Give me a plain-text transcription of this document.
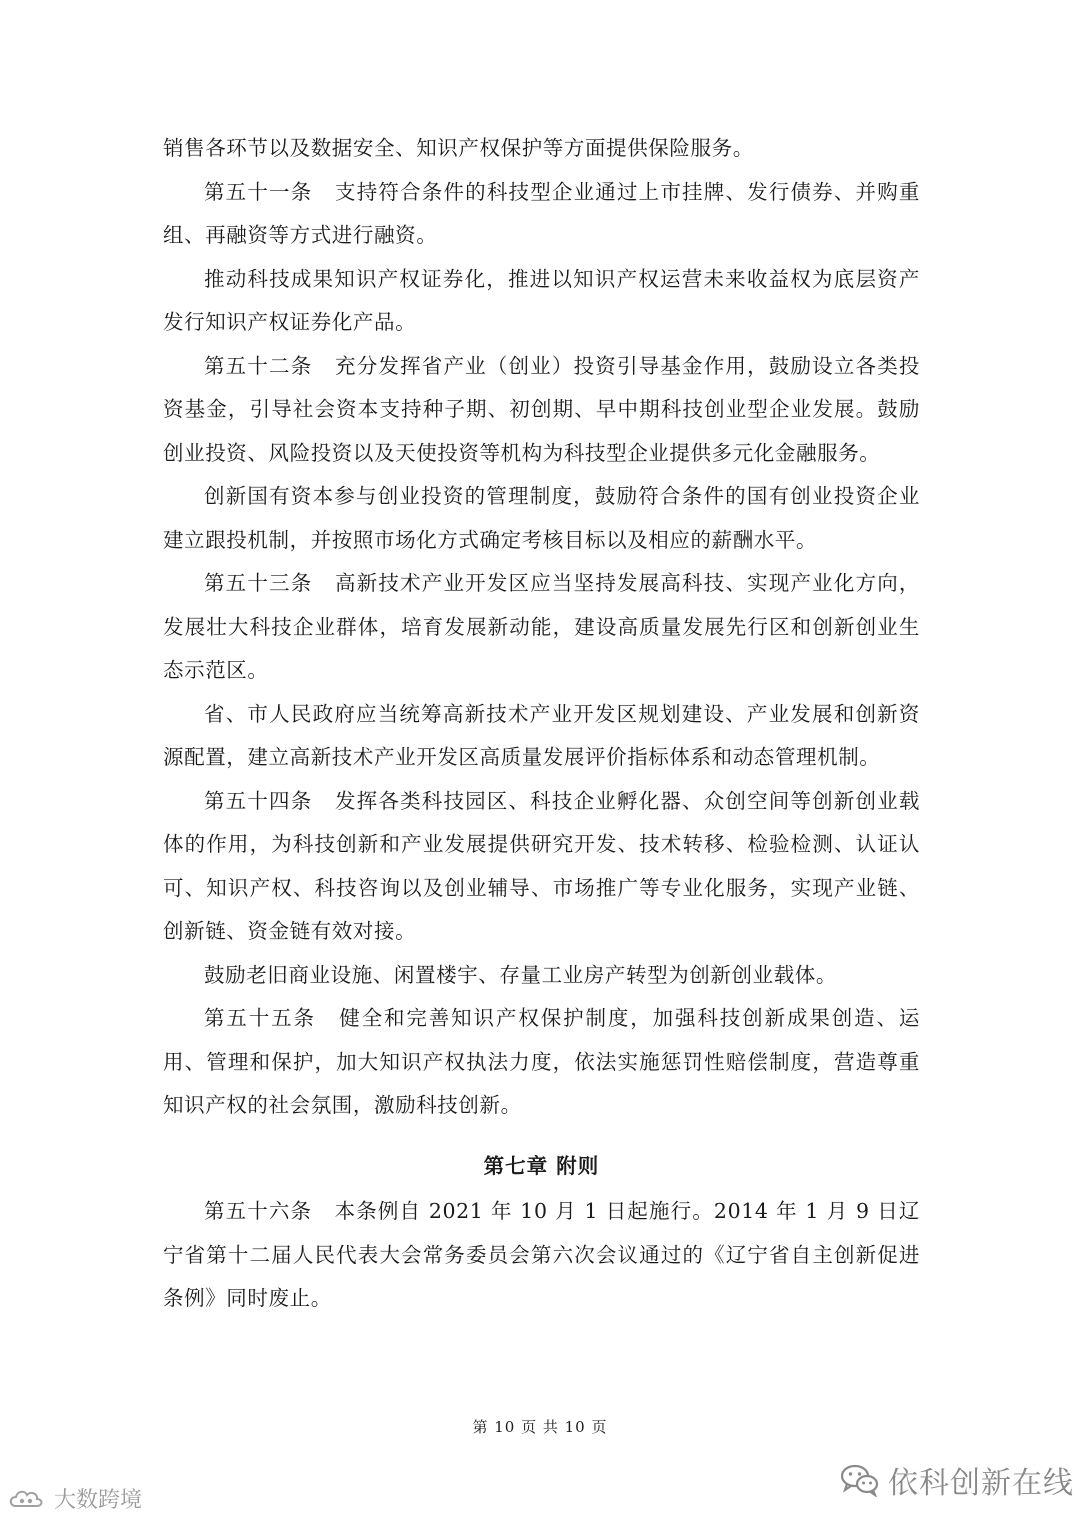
销售各环节以及数据安全、知识产权保护等方面提供保险服务。

第五十一条 支持符合条件的科技型企业通过上市挂牌、发行债券、并购重组、再融资等方式进行融资。

推动科技成果知识产权证券化，推进以知识产权运营未来收益权为底层资产发行知识产权证券化产品。

第五十二条 充分发挥省产业（创业）投资引导基金作用，鼓励设立各类投资基金，引导社会资本支持种子期、初创期、早中期科技创业型企业发展。鼓励创业投资、风险投资以及天使投资等机构为科技型企业提供多元化金融服务。

创新国有资本参与创业投资的管理制度，鼓励符合条件的国有创业投资企业建立跟投机制，并按照市场化方式确定考核目标以及相应的薪酬水平。

第五十三条 高新技术产业开发区应当坚持发展高科技、实现产业化方向，发展壮大科技企业群体，培育发展新动能，建设高质量发展先行区和创新创业生态示范区。

省、市人民政府应当统筹高新技术产业开发区规划建设、产业发展和创新资源配置，建立高新技术产业开发区高质量发展评价指标体系和动态管理机制。

第五十四条 发挥各类科技园区、科技企业孵化器、众创空间等创新创业载体的作用，为科技创新和产业发展提供研究开发、技术转移、检验检测、认证认可、知识产权、科技咨询以及创业辅导、市场推广等专业化服务，实现产业链、创新链、资金链有效对接。

鼓励老旧商业设施、闲置楼宇、存量工业房产转型为创新创业载体。

第五十五条 健全和完善知识产权保护制度，加强科技创新成果创造、运用、管理和保护，加大知识产权执法力度，依法实施惩罚性赔偿制度，营造尊重知识产权的社会氛围，激励科技创新。

第七章 附则

第五十六条 本条例自 2021 年 10 月 1 日起施行。2014 年 1 月 9 日辽宁省第十二届人民代表大会常务委员会第六次会议通过的《辽宁省自主创新促进条例》同时废止。

第 10 页 共 10 页
大数跨境	依科创新在线
